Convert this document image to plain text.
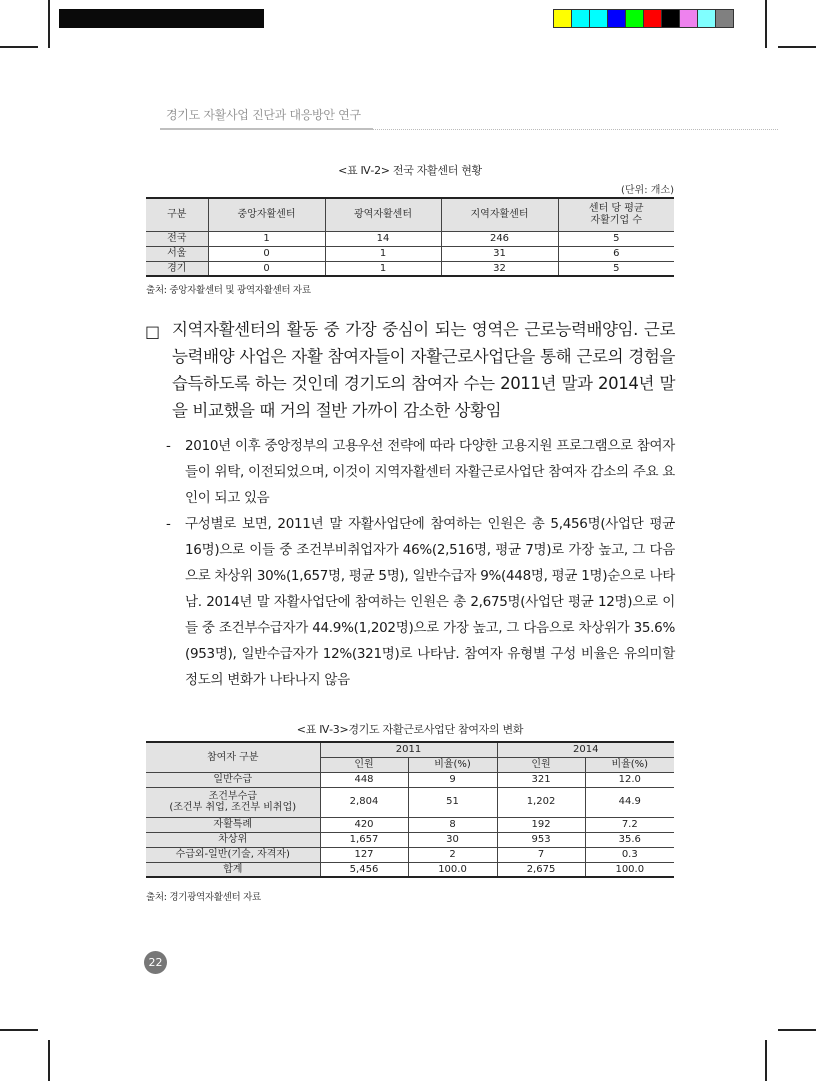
경기도 자활사업 진단과 대응방안 연구
<표 Ⅳ-2> 전국 자활센터 현황
(단위: 개소)
구분	중앙자활센터	광역자활센터	지역자활센터	센터 당 평균
자활기업 수
전국	1	14	246	5
서울	0	1	31	6
경기	0	1	32	5
출처: 중앙자활센터 및 광역자활센터 자료
□ 지역자활센터의 활동 중 가장 중심이 되는 영역은 근로능력배양임. 근로능력배양 사업은 자활 참여자들이 자활근로사업단을 통해 근로의 경험을 습득하도록 하는 것인데 경기도의 참여자 수는 2011년 말과 2014년 말을 비교했을 때 거의 절반 가까이 감소한 상황임
- 2010년 이후 중앙정부의 고용우선 전략에 따라 다양한 고용지원 프로그램으로 참여자들이 위탁, 이전되었으며, 이것이 지역자활센터 자활근로사업단 참여자 감소의 주요 요인이 되고 있음
- 구성별로 보면, 2011년 말 자활사업단에 참여하는 인원은 총 5,456명(사업단 평균 16명)으로 이들 중 조건부비취업자가 46%(2,516명, 평균 7명)로 가장 높고, 그 다음으로 차상위 30%(1,657명, 평균 5명), 일반수급자 9%(448명, 평균 1명)순으로 나타남. 2014년 말 자활사업단에 참여하는 인원은 총 2,675명(사업단 평균 12명)으로 이들 중 조건부수급자가 44.9%(1,202명)으로 가장 높고, 그 다음으로 차상위가 35.6%(953명), 일반수급자가 12%(321명)로 나타남. 참여자 유형별 구성 비율은 유의미할 정도의 변화가 나타나지 않음
<표 Ⅳ-3>경기도 자활근로사업단 참여자의 변화
참여자 구분	2011		2014	
	인원	비율(%)	인원	비율(%)
일반수급	448	9	321	12.0
조건부수급
(조건부 취업, 조건부 비취업)	2,804	51	1,202	44.9
자활특례	420	8	192	7.2
차상위	1,657	30	953	35.6
수급외-일반(기술, 자격자)	127	2	7	0.3
합계	5,456	100.0	2,675	100.0
출처: 경기광역자활센터 자료
22
